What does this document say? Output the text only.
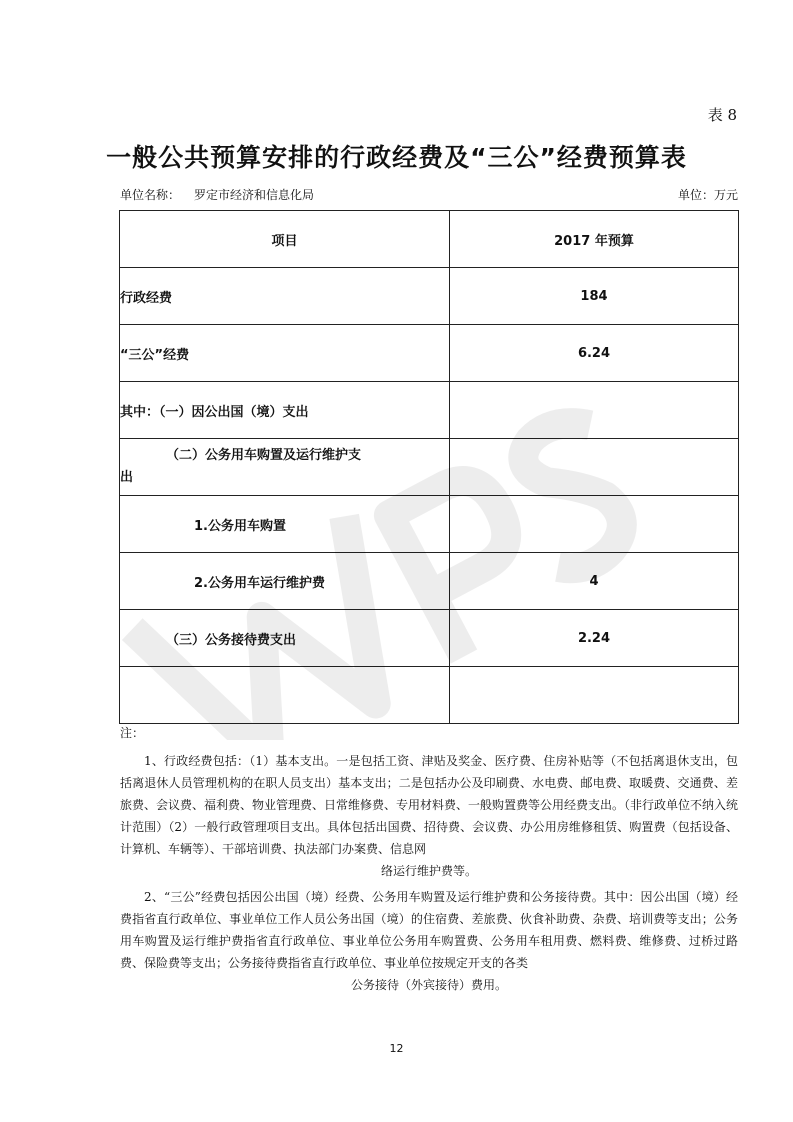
表 8
一般公共预算安排的行政经费及“三公”经费预算表
单位名称： 罗定市经济和信息化局	单位：万元
项目	2017 年预算
行政经费	184
“三公”经费	6.24
其中：（一）因公出国（境）支出	

（二）公务用车购置及运行维护支
出	

1.公务用车购置	
2.公务用车运行维护费	4
（三）公务接待费支出	2.24

注：

1、行政经费包括：（1）基本支出。一是包括工资、津贴及奖金、医疗费、住房补贴等（不包括离退休支出，包括离退休人员管理机构的在职人员支出）基本支出；二是包括办公及印刷费、水电费、邮电费、取暖费、交通费、差旅费、会议费、福利费、物业管理费、日常维修费、专用材料费、一般购置费等公用经费支出。（非行政单位不纳入统计范围）（2）一般行政管理项目支出。具体包括出国费、招待费、会议费、办公用房维修租赁、购置费（包括设备、计算机、车辆等）、干部培训费、执法部门办案费、信息网

络运行维护费等。

2、“三公”经费包括因公出国（境）经费、公务用车购置及运行维护费和公务接待费。其中：因公出国（境）经费指省直行政单位、事业单位工作人员公务出国（境）的住宿费、差旅费、伙食补助费、杂费、培训费等支出；公务用车购置及运行维护费指省直行政单位、事业单位公务用车购置费、公务用车租用费、燃料费、维修费、过桥过路费、保险费等支出；公务接待费指省直行政单位、事业单位按规定开支的各类

公务接待（外宾接待）费用。

12
